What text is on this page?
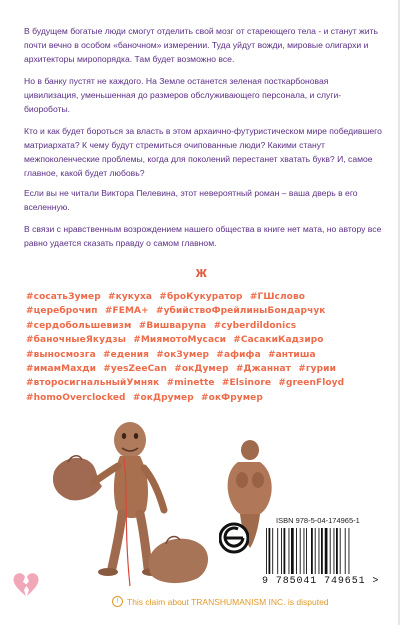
В будущем богатые люди смогут отделить свой мозг от стареющего тела - и станут жить почти вечно в особом «баночном» измерении. Туда уйдут вожди, мировые олигархи и архитекторы миропорядка. Там будет возможно все.

Но в банку пустят не каждого. На Земле останется зеленая посткарбоновая цивилизация, уменьшенная до размеров обслуживающего персонала, и слуги-биороботы.

Кто и как будет бороться за власть в этом архаично-футуристическом мире победившего матриархата? К чему будут стремиться очипованные люди? Какими станут межпоколенческие проблемы, когда для поколений перестанет хватать букв? И, самое главное, какой будет любовь?

Если вы не читали Виктора Пелевина, этот невероятный роман – ваша дверь в его вселенную.

В связи с нравственным возрождением нашего общества в книге нет мата, но автору все равно удается сказать правду о самом главном.

ж
#сосатьЗумер #кукуха #броКукуратор #ГШслово #цереброчип #FEMA+ #убийствоФрейлиныБондарчук #сердобольшевизм #Вишварупа #cyberdildonics #баночныеЯкудзы #МиямотоМусаси #СасакиКадзиро #выносмозга #едения #окЗумер #афифа #антиша #имамМахди #yesZeeCan #окДумер #Джаннат #гурии #второсигнальныйУмняк #minette #Elsinore #greenFloyd #homoOverclocked #окДрумер #окФрумер
ISBN 978-5-04-174965-1
9 785041 749651 >
!	This claim about TRANSHUMANISM INC. is disputed
